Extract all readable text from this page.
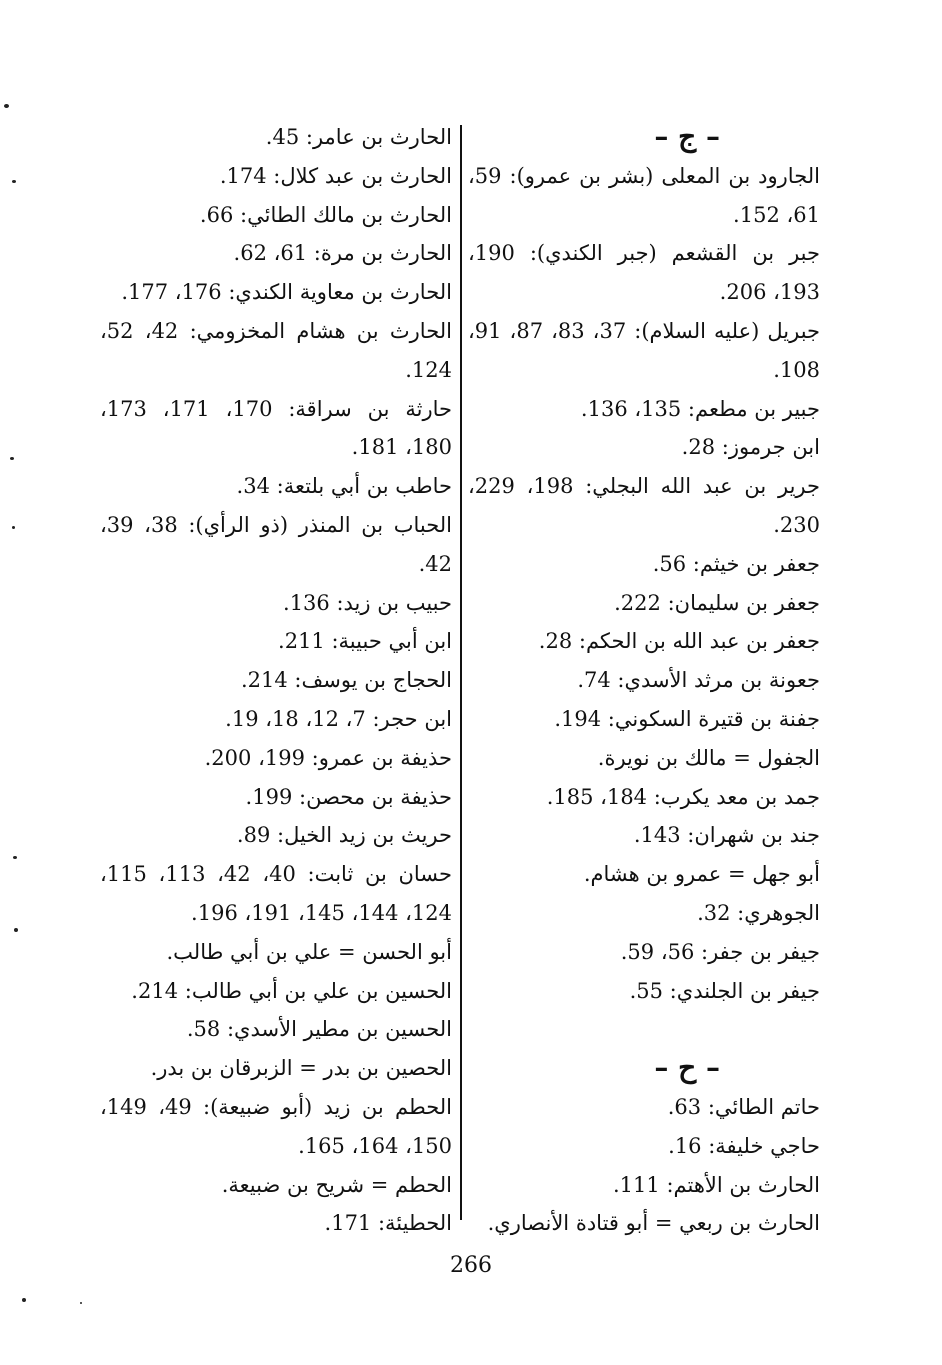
– ج –
الجارود بن المعلى (بشر بن عمرو): 59، 61، 152.
جبر بن القشعم (جبر الكندي): 190، 193، 206.
جبريل (عليه السلام): 37، 83، 87، 91، 108.
جبير بن مطعم: 135، 136.
ابن جرموز: 28.
جرير بن عبد الله البجلي: 198، 229، 230.
جعفر بن خيثم: 56.
جعفر بن سليمان: 222.
جعفر بن عبد الله بن الحكم: 28.
جعونة بن مرثد الأسدي: 74.
جفنة بن قتيرة السكوني: 194.
الجفول = مالك بن نويرة.
جمد بن معد يكرب: 184، 185.
جند بن شهران: 143.
أبو جهل = عمرو بن هشام.
الجوهري: 32.
جيفر بن جفر: 56، 59.
جيفر بن الجلندي: 55.
– ح –
حاتم الطائي: 63.
حاجي خليفة: 16.
الحارث بن الأهتم: 111.
الحارث بن ربعي = أبو قتادة الأنصاري.
الحارث بن عامر: 45.
الحارث بن عبد كلال: 174.
الحارث بن مالك الطائي: 66.
الحارث بن مرة: 61، 62.
الحارث بن معاوية الكندي: 176، 177.
الحارث بن هشام المخزومي: 42، 52، 124.
حارثة بن سراقة: 170، 171، 173، 180، 181.
حاطب بن أبي بلتعة: 34.
الحباب بن المنذر (ذو الرأي): 38، 39، 42.
حبيب بن زيد: 136.
ابن أبي حبيبة: 211.
الحجاج بن يوسف: 214.
ابن حجر: 7، 12، 18، 19.
حذيفة بن عمرو: 199، 200.
حذيفة بن محصن: 199.
حريث بن زيد الخيل: 89.
حسان بن ثابت: 40، 42، 113، 115، 124، 144، 145، 191، 196.
أبو الحسن = علي بن أبي طالب.
الحسين بن علي بن أبي طالب: 214.
الحسين بن مطير الأسدي: 58.
الحصين بن بدر = الزبرقان بن بدر.
الحطم بن زيد (أبو ضبيعة): 49، 149، 150، 164، 165.
الحطم = شريح بن ضبيعة.
الحطيئة: 171.
266
